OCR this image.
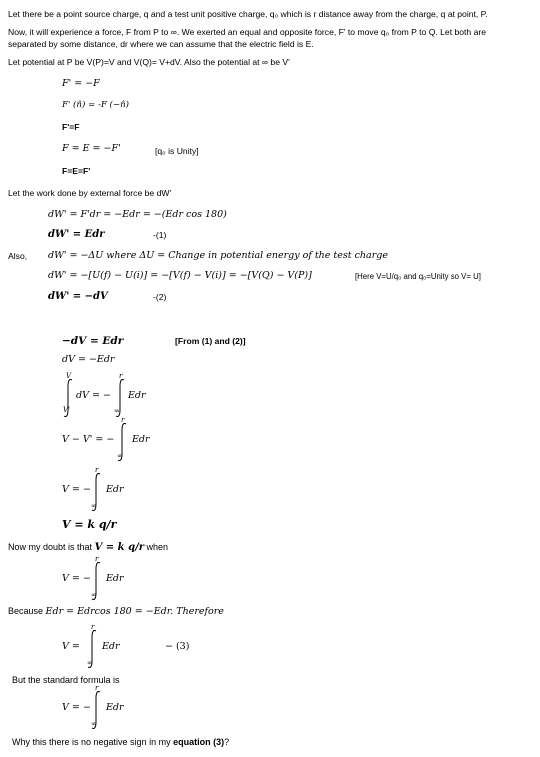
Let there be a point source charge, q and a test unit positive charge, q₀ which is r distance away from the charge, q at point, P.
Now, it will experience a force, F from P to ∞. We exerted an equal and opposite force, F' to move q₀ from P to Q. Let both are
separated by some distance, dr where we can assume that the electric field is E.
Let potential at P be V(P)=V and V(Q)= V+dV. Also the potential at ∞ be V'
F' = −F
F' (n̂) = -F (−n̂)
F'=F
F = E = −F'	[q₀ is Unity]
F=E=F'
Let the work done by external force be dW'
dW' = F'dr = −Edr = −(Edr cos 180)
dW' = Edr	-(1)
Also, dW' = −ΔU where ΔU = Change in potential energy of the test charge
dW' = −[U(f) − U(i)] = −[V(f) − V(i)] = −[V(Q) − V(P)]	[Here V=U/q₀ and q₀=Unity so V= U]
dW' = −dV	-(2)
−dV = Edr	[From (1) and (2)]
dV = −Edr
V
V'
dV = −
r
∞
Edr
V − V' = −
r
∞
Edr
V = −
r
∞
Edr
V = k q/r
Now my doubt is that V = k q/r when
V = −
r
∞
Edr
Because Edr = Edrcos 180 = −Edr. Therefore
V =
r
∞
Edr	− (3)
But the standard formula is
V = −
r
∞
Edr
Why this there is no negative sign in my equation (3)?
